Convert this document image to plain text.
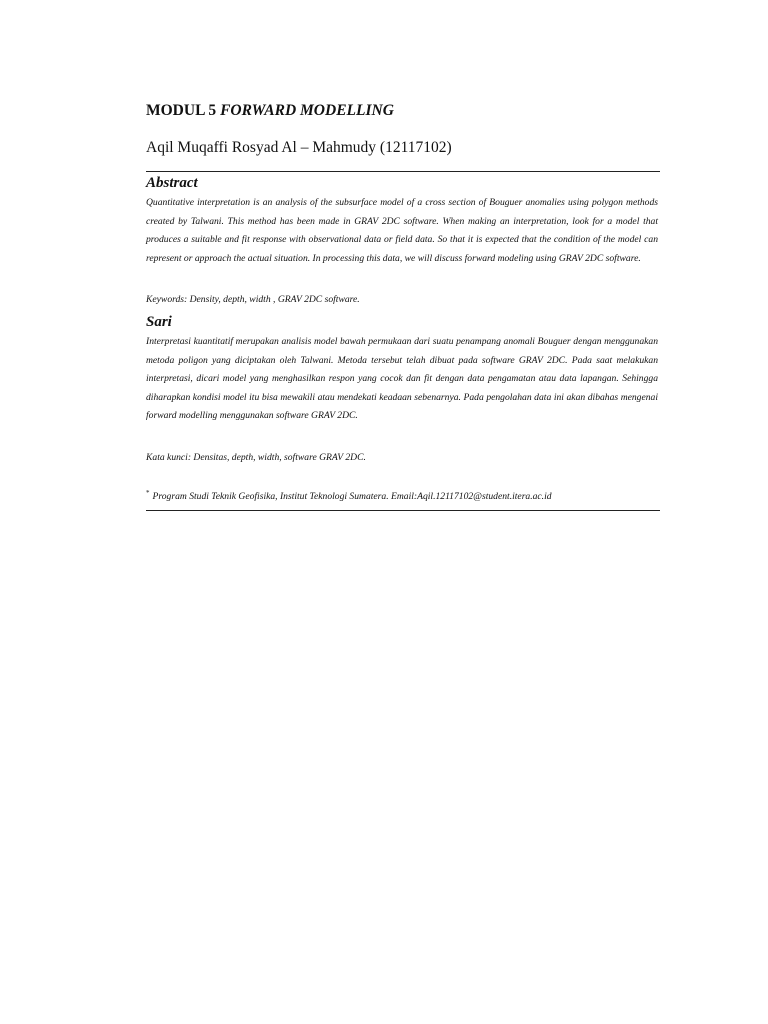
MODUL 5 FORWARD MODELLING
Aqil Muqaffi Rosyad Al – Mahmudy (12117102)
Abstract
Quantitative interpretation is an analysis of the subsurface model of a cross section of Bouguer anomalies using polygon methods created by Talwani. This method has been made in GRAV 2DC software. When making an interpretation, look for a model that produces a suitable and fit response with observational data or field data. So that it is expected that the condition of the model can represent or approach the actual situation. In processing this data, we will discuss forward modeling using GRAV 2DC software.
Keywords: Density, depth, width , GRAV 2DC software.
Sari
Interpretasi kuantitatif merupakan analisis model bawah permukaan dari suatu penampang anomali Bouguer dengan menggunakan metoda poligon yang diciptakan oleh Talwani. Metoda tersebut telah dibuat pada software GRAV 2DC. Pada saat melakukan interpretasi, dicari model yang menghasilkan respon yang cocok dan fit dengan data pengamatan atau data lapangan. Sehingga diharapkan kondisi model itu bisa mewakili atau mendekati keadaan sebenarnya. Pada pengolahan data ini akan dibahas mengenai forward modelling menggunakan software GRAV 2DC.
Kata kunci: Densitas, depth, width, software GRAV 2DC.
* Program Studi Teknik Geofisika, Institut Teknologi Sumatera. Email:Aqil.12117102@student.itera.ac.id
